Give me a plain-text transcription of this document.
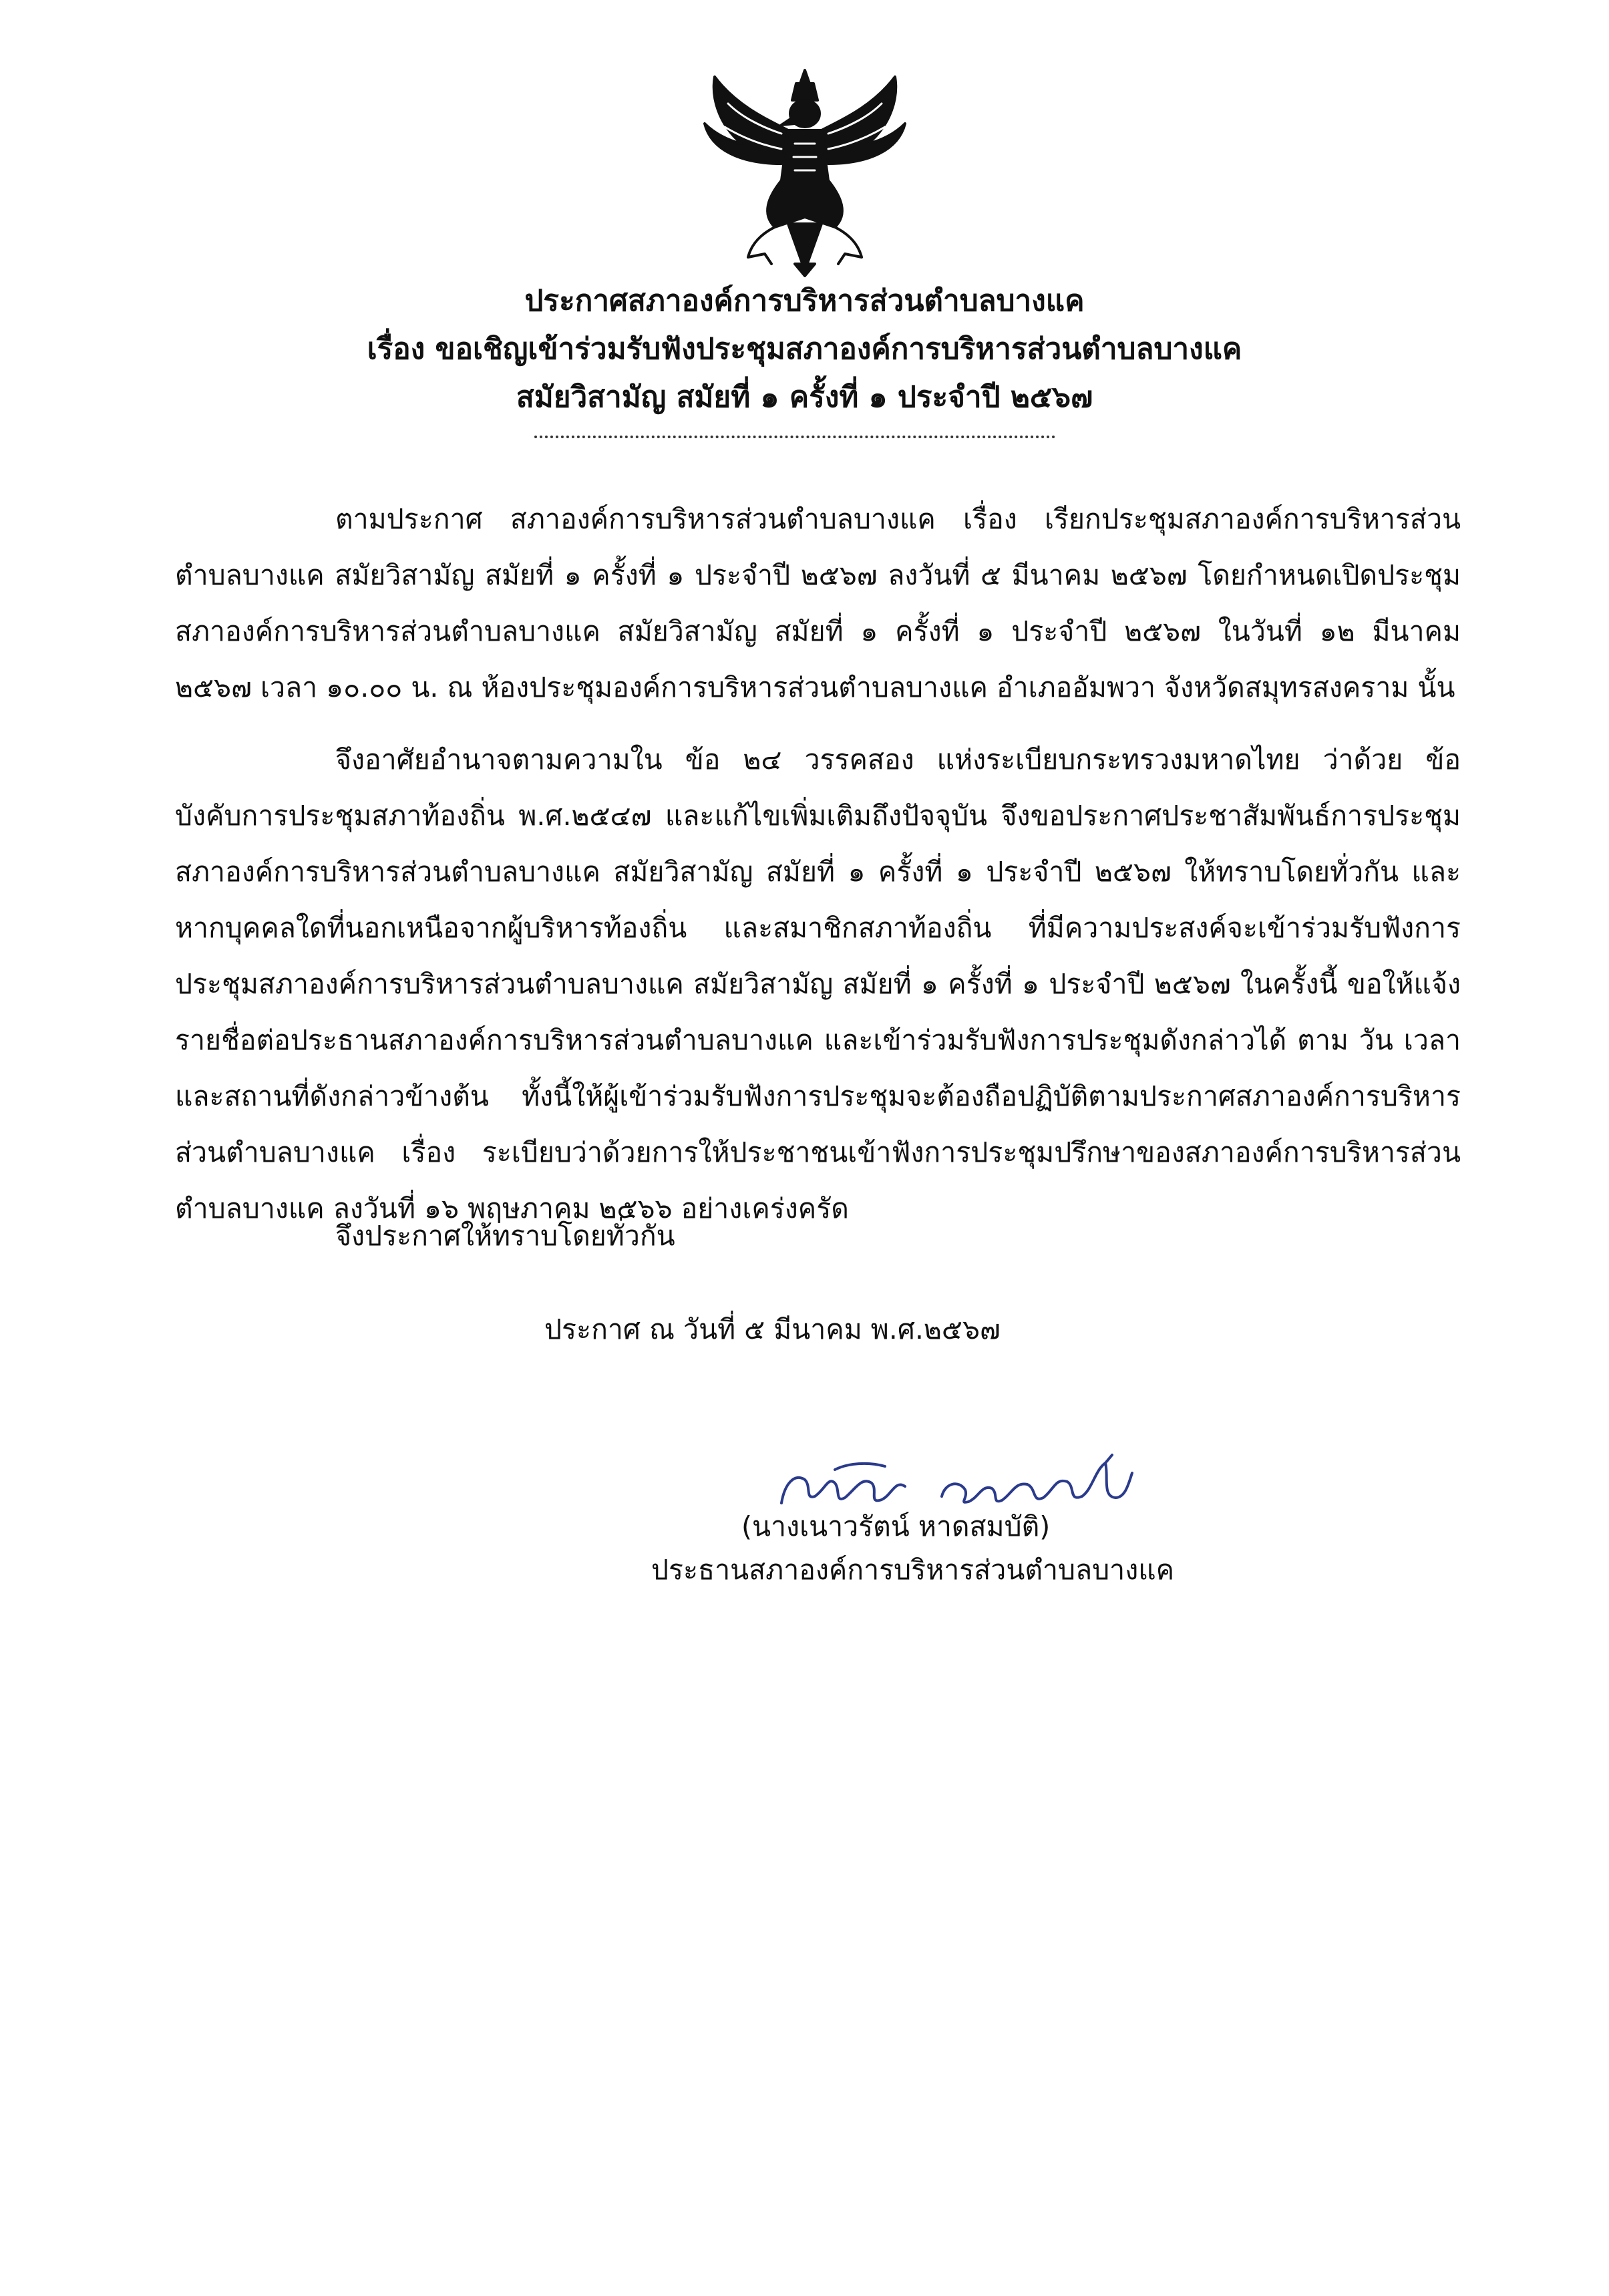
ประกาศสภาองค์การบริหารส่วนตำบลบางแค
เรื่อง ขอเชิญเข้าร่วมรับฟังประชุมสภาองค์การบริหารส่วนตำบลบางแค
สมัยวิสามัญ สมัยที่ ๑ ครั้งที่ ๑ ประจำปี ๒๕๖๗

ตามประกาศ สภาองค์การบริหารส่วนตำบลบางแค เรื่อง เรียกประชุมสภาองค์การบริหารส่วนตำบลบางแค สมัยวิสามัญ สมัยที่ ๑ ครั้งที่ ๑ ประจำปี ๒๕๖๗ ลงวันที่ ๕ มีนาคม ๒๕๖๗ โดยกำหนดเปิดประชุมสภาองค์การบริหารส่วนตำบลบางแค สมัยวิสามัญ สมัยที่ ๑ ครั้งที่ ๑ ประจำปี ๒๕๖๗ ในวันที่ ๑๒ มีนาคม ๒๕๖๗ เวลา ๑๐.๐๐ น. ณ ห้องประชุมองค์การบริหารส่วนตำบลบางแค อำเภออัมพวา จังหวัดสมุทรสงคราม นั้น

จึงอาศัยอำนาจตามความใน ข้อ ๒๔ วรรคสอง แห่งระเบียบกระทรวงมหาดไทย ว่าด้วย ข้อบังคับการประชุมสภาท้องถิ่น พ.ศ.๒๕๔๗ และแก้ไขเพิ่มเติมถึงปัจจุบัน จึงขอประกาศประชาสัมพันธ์การประชุมสภาองค์การบริหารส่วนตำบลบางแค สมัยวิสามัญ สมัยที่ ๑ ครั้งที่ ๑ ประจำปี ๒๕๖๗ ให้ทราบโดยทั่วกัน และหากบุคคลใดที่นอกเหนือจากผู้บริหารท้องถิ่น และสมาชิกสภาท้องถิ่น ที่มีความประสงค์จะเข้าร่วมรับฟังการประชุมสภาองค์การบริหารส่วนตำบลบางแค สมัยวิสามัญ สมัยที่ ๑ ครั้งที่ ๑ ประจำปี ๒๕๖๗ ในครั้งนี้ ขอให้แจ้งรายชื่อต่อประธานสภาองค์การบริหารส่วนตำบลบางแค และเข้าร่วมรับฟังการประชุมดังกล่าวได้ ตาม วัน เวลา และสถานที่ดังกล่าวข้างต้น ทั้งนี้ให้ผู้เข้าร่วมรับฟังการประชุมจะต้องถือปฏิบัติตามประกาศสภาองค์การบริหารส่วนตำบลบางแค เรื่อง ระเบียบว่าด้วยการให้ประชาชนเข้าฟังการประชุมปรึกษาของสภาองค์การบริหารส่วนตำบลบางแค ลงวันที่ ๑๖ พฤษภาคม ๒๕๖๖ อย่างเคร่งครัด

จึงประกาศให้ทราบโดยทั่วกัน
ประกาศ ณ วันที่ ๕ มีนาคม พ.ศ.๒๕๖๗
(นางเนาวรัตน์ หาดสมบัติ)
ประธานสภาองค์การบริหารส่วนตำบลบางแค
